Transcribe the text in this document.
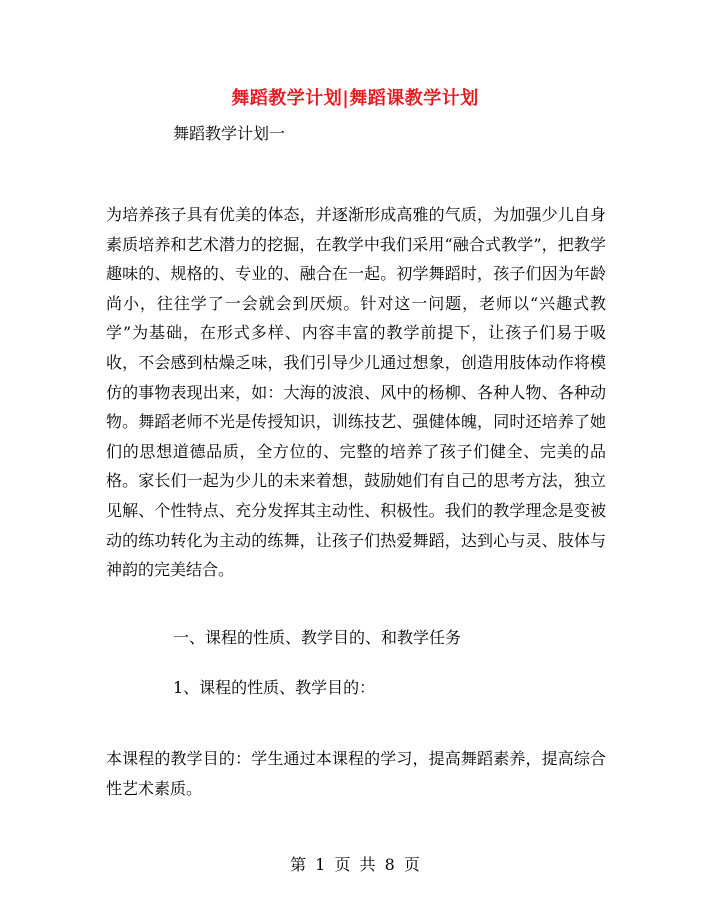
舞蹈教学计划|舞蹈课教学计划
舞蹈教学计划一

为培养孩子具有优美的体态，并逐渐形成高雅的气质，为加强少儿自身素质培养和艺术潜力的挖掘，在教学中我们采用“融合式教学”，把教学趣味的、规格的、专业的、融合在一起。初学舞蹈时，孩子们因为年龄尚小，往往学了一会就会到厌烦。针对这一问题，老师以“兴趣式教学”为基础，在形式多样、内容丰富的教学前提下，让孩子们易于吸收，不会感到枯燥乏味，我们引导少儿通过想象，创造用肢体动作将模仿的事物表现出来，如：大海的波浪、风中的杨柳、各种人物、各种动物。舞蹈老师不光是传授知识，训练技艺、强健体魄，同时还培养了她们的思想道德品质，全方位的、完整的培养了孩子们健全、完美的品格。家长们一起为少儿的未来着想，鼓励她们有自己的思考方法，独立见解、个性特点、充分发挥其主动性、积极性。我们的教学理念是变被动的练功转化为主动的练舞，让孩子们热爱舞蹈，达到心与灵、肢体与神韵的完美结合。

一、课程的性质、教学目的、和教学任务
1、课程的性质、教学目的：

本课程的教学目的：学生通过本课程的学习，提高舞蹈素养，提高综合性艺术素质。

第 1 页 共 8 页
